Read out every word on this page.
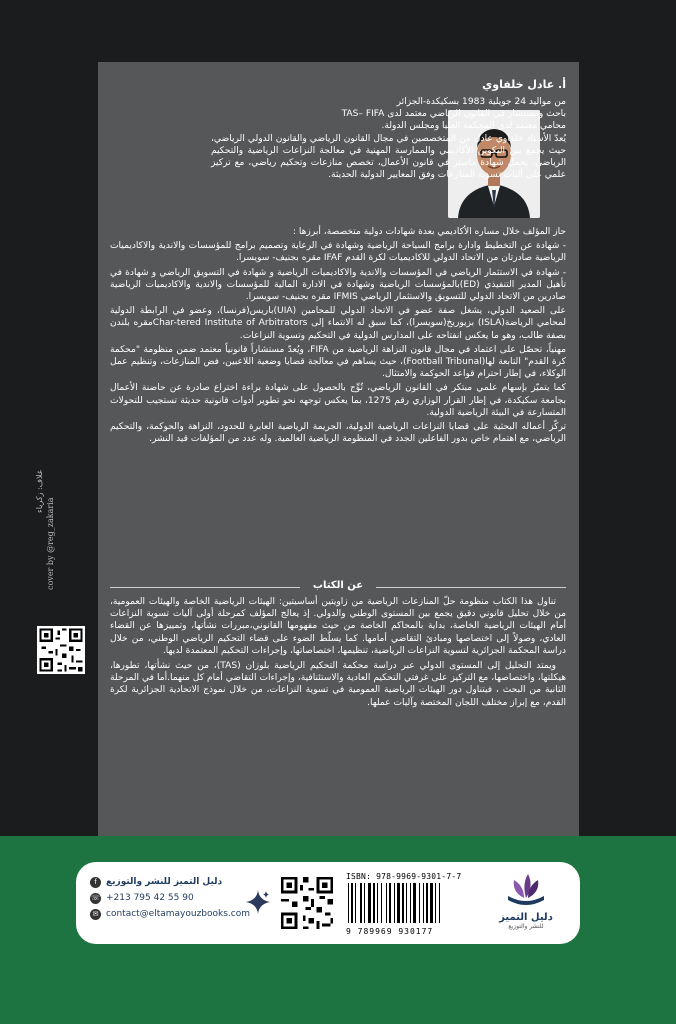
أ. عادل خلفاوي

من مواليد 24 جويلية 1983 بسكيكدة-الجزائر

باحث ومستشار في القانون الرياضي معتمد لدى TAS– FIFA

محامي معتمد لدى المحكمة العليا ومجلس الدولة.

يُعدّ الأستاذ خلفاوي عادل من المتخصصين في مجال القانون الرياضي والقانون الدولي الرياضي، حيث يجمع بين التكوين الأكاديمي والممارسة المهنية في معالجة النزاعات الرياضية والتحكيم الرياضي. يحمل شهادة ماستر في قانون الأعمال، تخصص منازعات وتحكيم رياضي، مع تركيز علمي على آليات تسوية المنازعات وفق المعايير الدولية الحديثة.

حاز المؤلف خلال مساره الأكاديمي بعدة شهادات دولية متخصصة، أبرزها :

- شهادة عن التخطيط وادارة برامج السياحة الرياضية وشهادة في الرعاية وتصميم برامج للمؤسسات والاندية والاكاديميات الرياضية صادرتان من الاتحاد الدولي للاكاديميات لكرة القدم IFAF مقره بجنيف- سويسرا.

- شهادة في الاستثمار الرياضي في المؤسسات والاندية والاكاديميات الرياضية و شهادة في التسويق الرياضي و شهادة في تأهيل المدير التنفيذي (ED)بالمؤسسات الرياضية وشهادة في الادارة المالية للمؤسسات والاندية والاكاديميات الرياضية صادرين من الاتحاد الدولي للتسويق والاستثمار الرياضي IFMIS مقره بجنيف- سويسرا.

على الصعيد الدولي، يشغل صفة عضو في الاتحاد الدولي للمحامين (UIA)باريس(فرنسا)، وعضو في الرابطة الدولية لمحامي الرياضة(ISLA) بزيوريخ(سويسرا)، كما سبق له الانتماء إلى Char-tered Institute of Arbitratorsمقره بلندن بصفة طالب، وهو ما يعكس انفتاحه على المدارس الدولية في التحكيم وتسوية النزاعات.

مهنياً، تحصّل على اعتماد في مجال قانون النزاهة الرياضية من FIFA، ويُعدّ مستشاراً قانونياً معتمد ضمن منظومة "محكمة كرة القدم" التابعة لها(Football Tribunal)، حيث يساهم في معالجة قضايا وضعية اللاعبين، فض المنازعات، وتنظيم عمل الوكلاء، في إطار احترام قواعد الحوكمة والامتثال.

كما يتميّز بإسهام علمي مبتكر في القانون الرياضي، تُوِّج بالحصول على شهادة براءة اختراع صادرة عن حاضنة الأعمال بجامعة سكيكدة، في إطار القرار الوزاري رقم 1275، بما يعكس توجهه نحو تطوير أدوات قانونية حديثة تستجيب للتحولات المتسارعة في البيئة الرياضية الدولية.

تركّز أعماله البحثية على قضايا النزاعات الرياضية الدولية، الجريمة الرياضية العابرة للحدود، النزاهة والحوكمة، والتحكيم الرياضي، مع اهتمام خاص بدور الفاعلين الجدد في المنظومة الرياضية العالمية. وله عدد من المؤلفات قيد النشر.

عن الكتاب

تناول هذا الكتاب منظومة حلّ المنازعات الرياضية من زاويتين أساسيتين: الهيئات الرياضية الخاصة والهيئات العمومية، من خلال تحليل قانوني دقيق يجمع بين المستوى الوطني والدولي. إذ يعالج المؤلف كمرحلة أولى آليات تسوية النزاعات أمام الهيئات الرياضية الخاصة، بداية بالمحاكم الخاصة من حيث مفهومها القانوني،مبررات نشأتها، وتمييزها عن القضاء العادي، وصولاً إلى اختصاصها ومبادئ التقاضي أمامها. كما يسلّط الضوء على قضاء التحكيم الرياضي الوطني، من خلال دراسة المحكمة الجزائرية لتسوية النزاعات الرياضية، تنظيمها، اختصاصاتها، وإجراءات التحكيم المعتمدة لديها.

ويمتد التحليل إلى المستوى الدولي عبر دراسة محكمة التحكيم الرياضية بلوزان (TAS)، من حيث نشأتها، تطورها، هيكلتها، واختصاصها، مع التركيز على غرفتي التحكيم العادية والاستئنافية، وإجراءات التقاضي أمام كل منهما.أما في المرحلة الثانية من البحث ، فيتناول دور الهيئات الرياضية العمومية في تسوية النزاعات، من خلال نموذج الاتحادية الجزائرية لكرة القدم، مع إبراز مختلف اللجان المختصة وآليات عملها.

غلاف: زكرياء
cover by @reg_zakaria
f	دليل التميز للنشر والتوزيع
☏ +213 795 42 55 90
✉ contact@eltamayouzbooks.com
ISBN: 978-9969-9301-7-7
9 789969 930177
دليل التميز
للنشر والتوزيع
